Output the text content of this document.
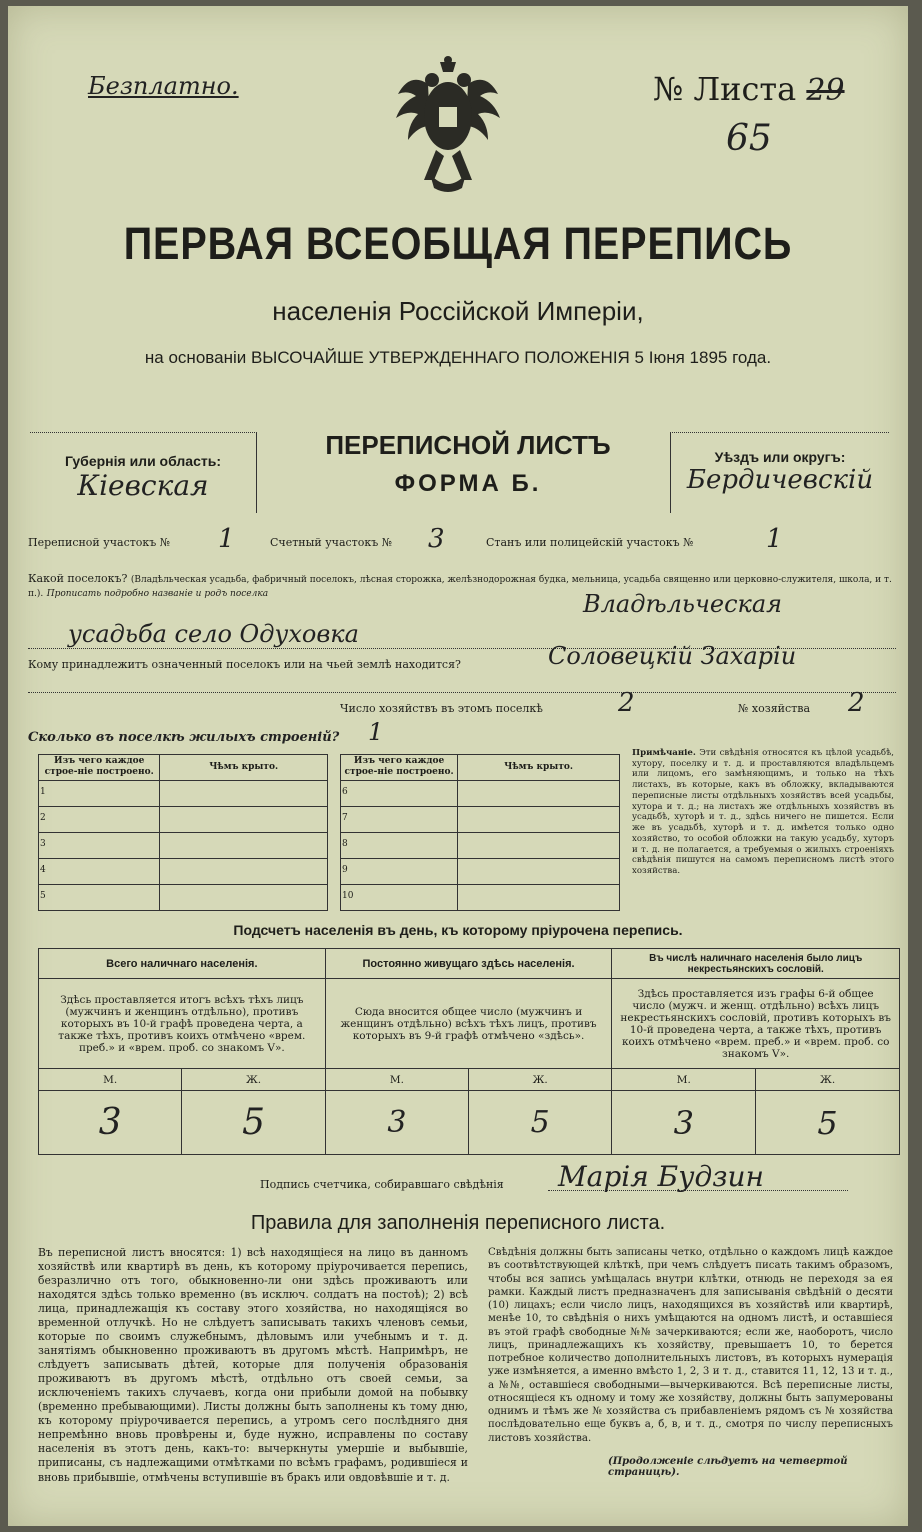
Безплатно.	№ Листа 29
65
ПЕРВАЯ ВСЕОБЩАЯ ПЕРЕПИСЬ
населенія Россійской Имперіи,
на основаніи ВЫСОЧАЙШЕ УТВЕРЖДЕННАГО ПОЛОЖЕНІЯ 5 Іюня 1895 года.
Губернія или область:
Кіевская
ПЕРЕПИСНОЙ ЛИСТЪ
ФОРМА Б.
Уѣздъ или округъ:
Бердичевскій
Переписной участокъ № 1	Счетный участокъ № 3	Станъ или полицейскій участокъ №	1
Какой поселокъ? (Владѣльческая усадьба, фабричный поселокъ, лѣсная сторожка, желѣзнодорожная будка, мельница, усадьба священно или церковно-служителя, школа, и т. п.). Прописать подробно названіе и родъ поселка	Владѣльческая
усадьба село Одуховка
Кому принадлежитъ означенный поселокъ или на чьей землѣ находится?	Соловецкій Захаріи
Число хозяйствъ въ этомъ поселкѣ	2	№ хозяйства 2
Сколько въ поселкѣ жилыхъ строеній? 1
Изъ чего каждое строе-ніе построено.	Чѣмъ крыто.
1	
2	
3	
4	
5	
Изъ чего каждое строе-ніе построено.	Чѣмъ крыто.
6	
7	
8	
9	
10	
Примѣчаніе. Эти свѣдѣнія относятся къ цѣлой усадьбѣ, хутору, поселку и т. д. и проставляются владѣльцемъ или лицомъ, его замѣняющимъ, и только на тѣхъ листахъ, въ которые, какъ въ обложку, вкладываются переписные листы отдѣльныхъ хозяйствъ всей усадьбы, хутора и т. д.; на листахъ же отдѣльныхъ хозяйствъ въ усадьбѣ, хуторѣ и т. д., здѣсь ничего не пишется. Если же въ усадьбѣ, хуторѣ и т. д. имѣется только одно хозяйство, то особой обложки на такую усадьбу, хуторъ и т. д. не полагается, а требуемыя о жилыхъ строеніяхъ свѣдѣнія пишутся на самомъ переписномъ листѣ этого хозяйства.
Подсчетъ населенія въ день, къ которому пріурочена перепись.
Всего наличнаго населенія.		Постоянно живущаго здѣсь населенія.		Въ числѣ наличнаго населенія было лицъ некрестьянскихъ сословій.	
Здѣсь проставляется итогъ всѣхъ тѣхъ лицъ (мужчинъ и женщинъ отдѣльно), противъ которыхъ въ 10-й графѣ проведена черта, а также тѣхъ, противъ коихъ отмѣчено «врем. преб.» и «врем. проб. со знакомъ V».		Сюда вносится общее число (мужчинъ и женщинъ отдѣльно) всѣхъ тѣхъ лицъ, противъ которыхъ въ 9-й графѣ отмѣчено «здѣсь».		Здѣсь проставляется изъ графы 6-й общее число (мужч. и женщ. отдѣльно) всѣхъ лицъ некрестьянскихъ сословій, противъ которыхъ въ 10-й проведена черта, а также тѣхъ, противъ коихъ отмѣчено «врем. преб.» и «врем. проб. со знакомъ V».	
М.	Ж.	М.	Ж.	М.	Ж.
3	5	3	5	3	5
Подпись счетчика, собиравшаго свѣдѣнія Марія Будзин
Правила для заполненія переписного листа.
Въ переписной листъ вносятся: 1) всѣ находящіеся на лицо въ данномъ хозяйствѣ или квартирѣ въ день, къ которому пріурочивается перепись, безразлично отъ того, обыкновенно-ли они здѣсь проживаютъ или находятся здѣсь только временно (въ исключ. солдатъ на постоѣ); 2) всѣ лица, принадлежащія къ составу этого хозяйства, но находящіяся во временной отлучкѣ. Но не слѣдуетъ записывать такихъ членовъ семьи, которые по своимъ служебнымъ, дѣловымъ или учебнымъ и т. д. занятіямъ обыкновенно проживаютъ въ другомъ мѣстѣ. Напримѣръ, не слѣдуетъ записывать дѣтей, которые для полученія образованія проживаютъ въ другомъ мѣстѣ, отдѣльно отъ своей семьи, за исключеніемъ такихъ случаевъ, когда они прибыли домой на побывку (временно пребывающими). Листы должны быть заполнены къ тому дню, къ которому пріурочивается перепись, а утромъ сего послѣдняго дня непремѣнно вновь провѣрены и, буде нужно, исправлены по составу населенія въ этотъ день, какъ-то: вычеркнуты умершіе и выбывшіе, приписаны, съ надлежащими отмѣтками по всѣмъ графамъ, родившіеся и вновь прибывшіе, отмѣчены вступившіе въ бракъ или овдовѣвшіе и т. д.
Свѣдѣнія должны быть записаны четко, отдѣльно о каждомъ лицѣ каждое въ соотвѣтствующей клѣткѣ, при чемъ слѣдуетъ писать такимъ образомъ, чтобы вся запись умѣщалась внутри клѣтки, отнюдь не переходя за ея рамки. Каждый листъ предназначенъ для записыванія свѣдѣній о десяти (10) лицахъ; если число лицъ, находящихся въ хозяйствѣ или квартирѣ, менѣе 10, то свѣдѣнія о нихъ умѣщаются на одномъ листѣ, и оставшіеся въ этой графѣ свободные №№ зачеркиваются; если же, наоборотъ, число лицъ, принадлежащихъ къ хозяйству, превышаетъ 10, то берется потребное количество дополнительныхъ листовъ, въ которыхъ нумерація уже измѣняется, а именно вмѣсто 1, 2, 3 и т. д., ставится 11, 12, 13 и т. д., а №№, оставшіеся свободными—вычеркиваются. Всѣ переписные листы, относящіеся къ одному и тому же хозяйству, должны быть запумерованы однимъ и тѣмъ же № хозяйства съ прибавленіемъ рядомъ съ № хозяйства послѣдовательно еще буквъ а, б, в, и т. д., смотря по числу переписныхъ листовъ хозяйства.
(Продолженіе слѣдуетъ на четвертой страницѣ).
